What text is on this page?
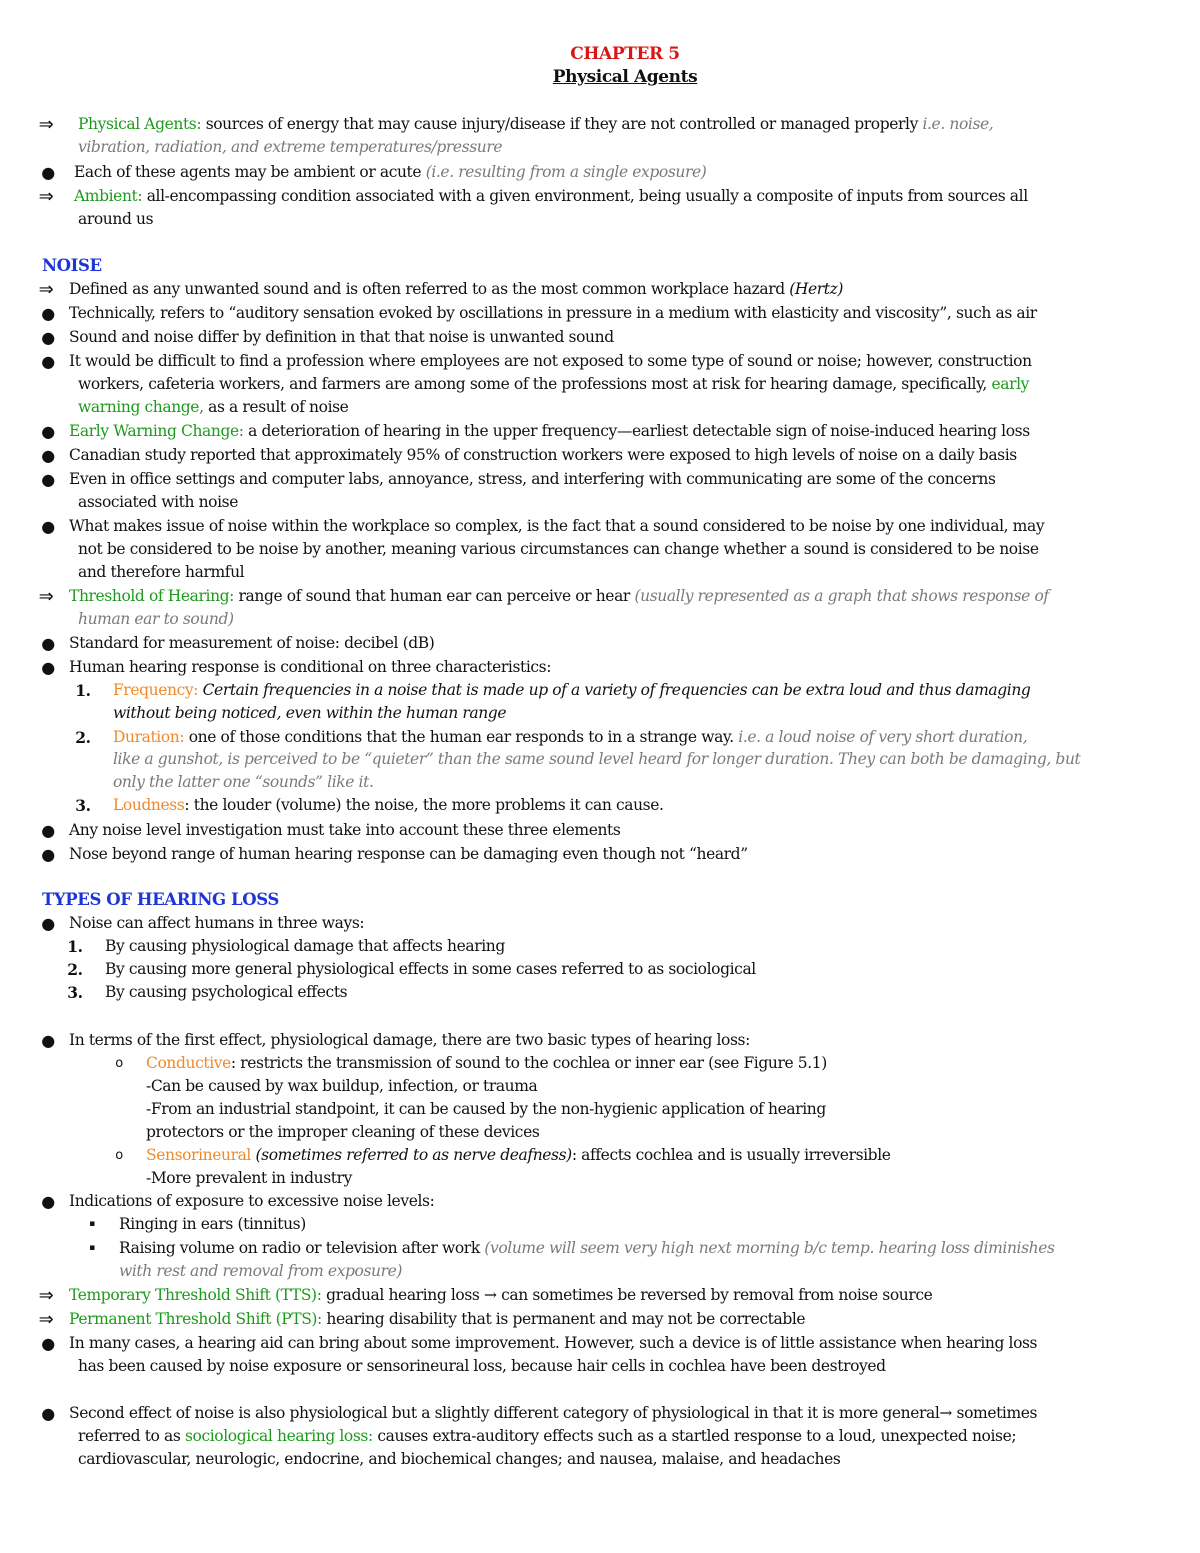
CHAPTER 5
Physical Agents
⇒ Physical Agents: sources of energy that may cause injury/disease if they are not controlled or managed properly i.e. noise,
vibration, radiation, and extreme temperatures/pressure
● Each of these agents may be ambient or acute (i.e. resulting from a single exposure)
⇒ Ambient: all-encompassing condition associated with a given environment, being usually a composite of inputs from sources all
around us
NOISE
⇒ Defined as any unwanted sound and is often referred to as the most common workplace hazard (Hertz)
● Technically, refers to “auditory sensation evoked by oscillations in pressure in a medium with elasticity and viscosity”, such as air
● Sound and noise differ by definition in that that noise is unwanted sound
● It would be difficult to find a profession where employees are not exposed to some type of sound or noise; however, construction
workers, cafeteria workers, and farmers are among some of the professions most at risk for hearing damage, specifically, early
warning change, as a result of noise
● Early Warning Change: a deterioration of hearing in the upper frequency—earliest detectable sign of noise-induced hearing loss
● Canadian study reported that approximately 95% of construction workers were exposed to high levels of noise on a daily basis
● Even in office settings and computer labs, annoyance, stress, and interfering with communicating are some of the concerns
associated with noise
● What makes issue of noise within the workplace so complex, is the fact that a sound considered to be noise by one individual, may
not be considered to be noise by another, meaning various circumstances can change whether a sound is considered to be noise
and therefore harmful
⇒ Threshold of Hearing: range of sound that human ear can perceive or hear (usually represented as a graph that shows response of
human ear to sound)
● Standard for measurement of noise: decibel (dB)
● Human hearing response is conditional on three characteristics:
1. Frequency: Certain frequencies in a noise that is made up of a variety of frequencies can be extra loud and thus damaging
without being noticed, even within the human range
2. Duration: one of those conditions that the human ear responds to in a strange way. i.e. a loud noise of very short duration,
like a gunshot, is perceived to be “quieter” than the same sound level heard for longer duration. They can both be damaging, but
only the latter one “sounds” like it.
3. Loudness: the louder (volume) the noise, the more problems it can cause.
● Any noise level investigation must take into account these three elements
● Nose beyond range of human hearing response can be damaging even though not “heard”
TYPES OF HEARING LOSS
● Noise can affect humans in three ways:
1. By causing physiological damage that affects hearing
2. By causing more general physiological effects in some cases referred to as sociological
3. By causing psychological effects
● In terms of the first effect, physiological damage, there are two basic types of hearing loss:
o	Conductive: restricts the transmission of sound to the cochlea or inner ear (see Figure 5.1)
-Can be caused by wax buildup, infection, or trauma
-From an industrial standpoint, it can be caused by the non-hygienic application of hearing
protectors or the improper cleaning of these devices
o	Sensorineural (sometimes referred to as nerve deafness): affects cochlea and is usually irreversible
-More prevalent in industry
● Indications of exposure to excessive noise levels:
▪	Ringing in ears (tinnitus)
▪	Raising volume on radio or television after work (volume will seem very high next morning b/c temp. hearing loss diminishes
with rest and removal from exposure)
⇒ Temporary Threshold Shift (TTS): gradual hearing loss → can sometimes be reversed by removal from noise source
⇒ Permanent Threshold Shift (PTS): hearing disability that is permanent and may not be correctable
● In many cases, a hearing aid can bring about some improvement. However, such a device is of little assistance when hearing loss
has been caused by noise exposure or sensorineural loss, because hair cells in cochlea have been destroyed
● Second effect of noise is also physiological but a slightly different category of physiological in that it is more general→ sometimes
referred to as sociological hearing loss: causes extra-auditory effects such as a startled response to a loud, unexpected noise;
cardiovascular, neurologic, endocrine, and biochemical changes; and nausea, malaise, and headaches
